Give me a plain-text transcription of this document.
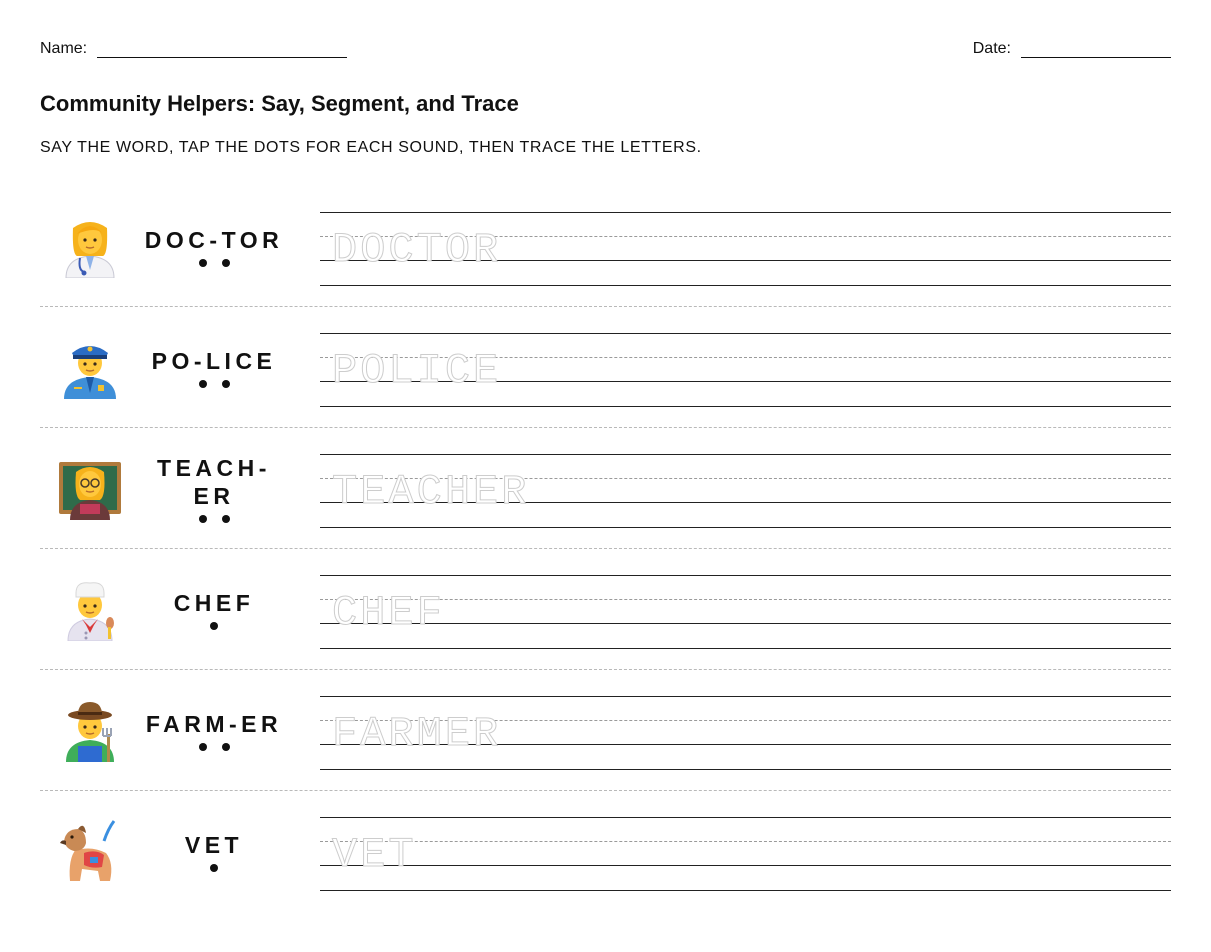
Name:	Date:
Community Helpers: Say, Segment, and Trace

SAY THE WORD, TAP THE DOTS FOR EACH SOUND, THEN TRACE THE LETTERS.

DOC-TOR DOCTOR
PO-LICE POLICE
TEACH-ER	TEACHER
CHEF	CHEF
FARM-ER FARMER
VET	VET
